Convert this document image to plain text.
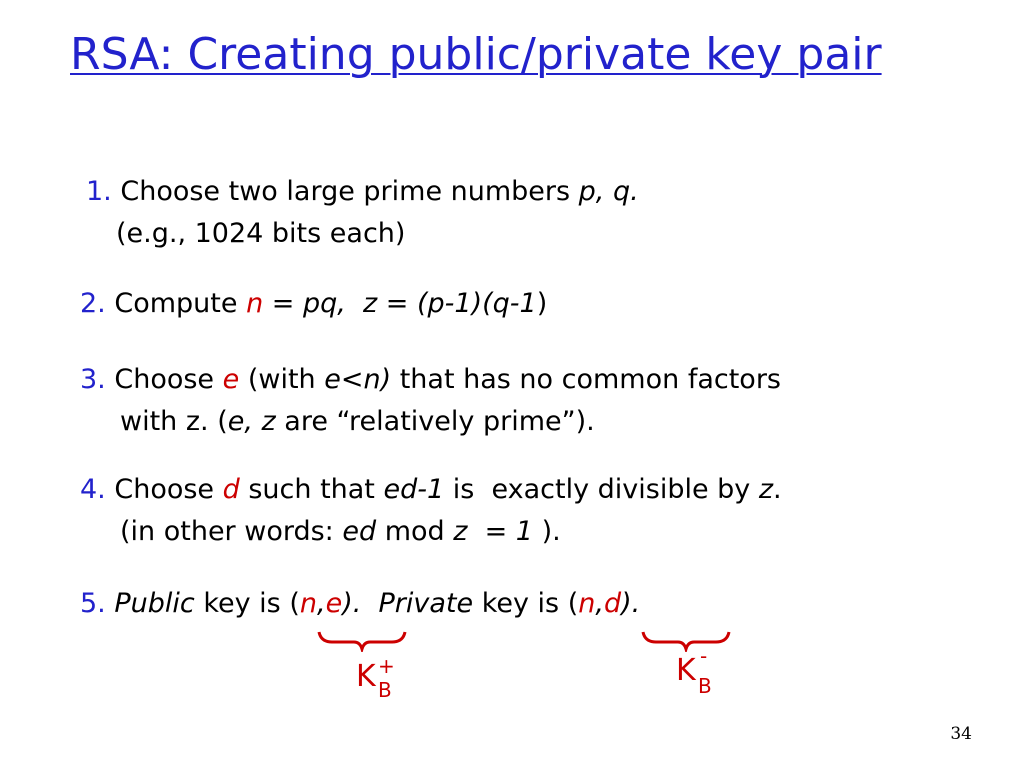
RSA: Creating public/private key pair
1. Choose two large prime numbers p, q.
(e.g., 1024 bits each)
2. Compute n = pq, z = (p-1)(q-1)
3. Choose e (with e<n) that has no common factors
with z. (e, z are “relatively prime”).
4. Choose d such that ed-1 is  exactly divisible by z.
(in other words: ed mod z  = 1 ).
5. Public key is (n,e).  Private key is (n,d).
K +
B
K -
B
34
